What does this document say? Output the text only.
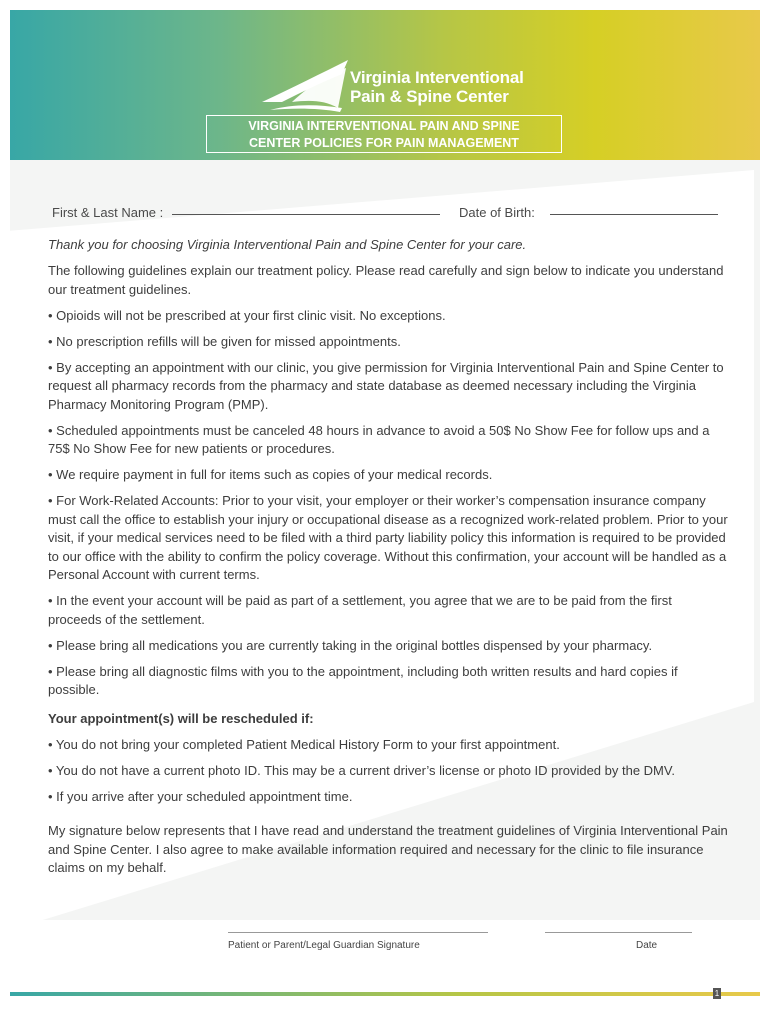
Virginia Interventional
Pain & Spine Center
VIRGINIA INTERVENTIONAL PAIN AND SPINE
CENTER POLICIES FOR PAIN MANAGEMENT
First & Last Name :	Date of Birth:

Thank you for choosing Virginia Interventional Pain and Spine Center for your care.

The following guidelines explain our treatment policy. Please read carefully and sign below to indicate you understand our treatment guidelines.

• Opioids will not be prescribed at your first clinic visit. No exceptions.

• No prescription refills will be given for missed appointments.

• By accepting an appointment with our clinic, you give permission for Virginia Interventional Pain and Spine Center to request all pharmacy records from the pharmacy and state database as deemed necessary including the Virginia Pharmacy Monitoring Program (PMP).

• Scheduled appointments must be canceled 48 hours in advance to avoid a 50$ No Show Fee for follow ups and a 75$ No Show Fee for new patients or procedures.

• We require payment in full for items such as copies of your medical records.

• For Work-Related Accounts: Prior to your visit, your employer or their worker’s compensation insurance company must call the office to establish your injury or occupational disease as a recognized work-related problem. Prior to your visit, if your medical services need to be filed with a third party liability policy this information is required to be provided to our office with the ability to confirm the policy coverage. Without this confirmation, your account will be handled as a Personal Account with current terms.

• In the event your account will be paid as part of a settlement, you agree that we are to be paid from the first proceeds of the settlement.

• Please bring all medications you are currently taking in the original bottles dispensed by your pharmacy.

• Please bring all diagnostic films with you to the appointment, including both written results and hard copies if possible.

Your appointment(s) will be rescheduled if:

• You do not bring your completed Patient Medical History Form to your first appointment.

• You do not have a current photo ID. This may be a current driver’s license or photo ID provided by the DMV.

• If you arrive after your scheduled appointment time.

My signature below represents that I have read and understand the treatment guidelines of Virginia Interventional Pain and Spine Center. I also agree to make available information required and necessary for the clinic to file insurance claims on my behalf.

Patient or Parent/Legal Guardian Signature	Date
1
